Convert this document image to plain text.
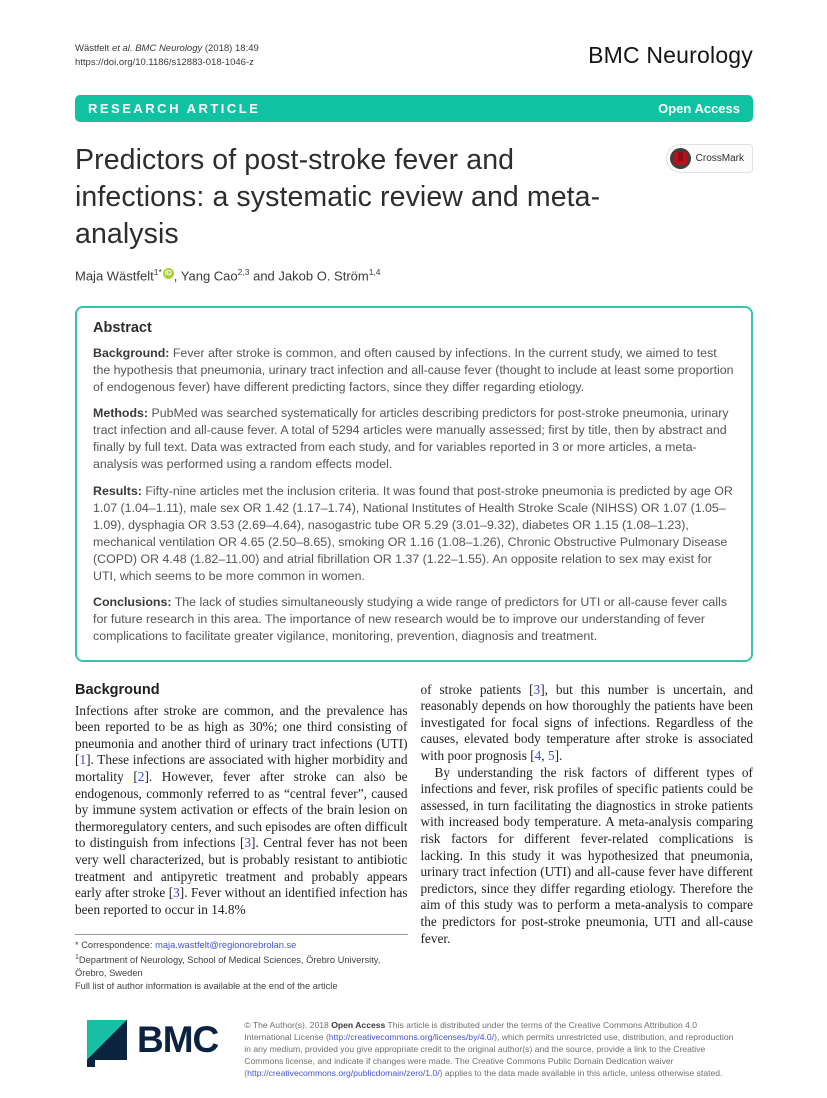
Wästfelt et al. BMC Neurology (2018) 18:49
https://doi.org/10.1186/s12883-018-1046-z	BMC Neurology
RESEARCH ARTICLE	Open Access
Predictors of post-stroke fever and infections: a systematic review and meta-analysis
CrossMark
Maja Wästfelt$^{1*}$ iD , Yang Cao$^{2,3}$ and Jakob O. Ström$^{1,4}$
Abstract

Background: Fever after stroke is common, and often caused by infections. In the current study, we aimed to test the hypothesis that pneumonia, urinary tract infection and all-cause fever (thought to include at least some proportion of endogenous fever) have different predicting factors, since they differ regarding etiology.

Methods: PubMed was searched systematically for articles describing predictors for post-stroke pneumonia, urinary tract infection and all-cause fever. A total of 5294 articles were manually assessed; first by title, then by abstract and finally by full text. Data was extracted from each study, and for variables reported in 3 or more articles, a meta-analysis was performed using a random effects model.

Results: Fifty-nine articles met the inclusion criteria. It was found that post-stroke pneumonia is predicted by age OR 1.07 (1.04–1.11), male sex OR 1.42 (1.17–1.74), National Institutes of Health Stroke Scale (NIHSS) OR 1.07 (1.05–1.09), dysphagia OR 3.53 (2.69–4.64), nasogastric tube OR 5.29 (3.01–9.32), diabetes OR 1.15 (1.08–1.23), mechanical ventilation OR 4.65 (2.50–8.65), smoking OR 1.16 (1.08–1.26), Chronic Obstructive Pulmonary Disease (COPD) OR 4.48 (1.82–11.00) and atrial fibrillation OR 1.37 (1.22–1.55). An opposite relation to sex may exist for UTI, which seems to be more common in women.

Conclusions: The lack of studies simultaneously studying a wide range of predictors for UTI or all-cause fever calls for future research in this area. The importance of new research would be to improve our understanding of fever complications to facilitate greater vigilance, monitoring, prevention, diagnosis and treatment.

Background

Infections after stroke are common, and the prevalence has been reported to be as high as 30%; one third consisting of pneumonia and another third of urinary tract infections (UTI) [1]. These infections are associated with higher morbidity and mortality [2]. However, fever after stroke can also be endogenous, commonly referred to as “central fever”, caused by immune system activation or effects of the brain lesion on thermoregulatory centers, and such episodes are often difficult to distinguish from infections [3]. Central fever has not been very well characterized, but is probably resistant to antibiotic treatment and antipyretic treatment and probably appears early after stroke [3]. Fever without an identified infection has been reported to occur in 14.8%

* Correspondence: maja.wastfelt@regionorebrolan.se
$^1$Department of Neurology, School of Medical Sciences, Örebro University, Örebro, Sweden
Full list of author information is available at the end of the article

of stroke patients [3], but this number is uncertain, and reasonably depends on how thoroughly the patients have been investigated for focal signs of infections. Regardless of the causes, elevated body temperature after stroke is associated with poor prognosis [4, 5].

By understanding the risk factors of different types of infections and fever, risk profiles of specific patients could be assessed, in turn facilitating the diagnostics in stroke patients with increased body temperature. A meta-analysis comparing risk factors for different fever-related complications is lacking. In this study it was hypothesized that pneumonia, urinary tract infection (UTI) and all-cause fever have different predictors, since they differ regarding etiology. Therefore the aim of this study was to perform a meta-analysis to compare the predictors for post-stroke pneumonia, UTI and all-cause fever.

BMC	© The Author(s). 2018 Open Access This article is distributed under the terms of the Creative Commons Attribution 4.0 International License (http://creativecommons.org/licenses/by/4.0/), which permits unrestricted use, distribution, and reproduction in any medium, provided you give appropriate credit to the original author(s) and the source, provide a link to the Creative Commons license, and indicate if changes were made. The Creative Commons Public Domain Dedication waiver (http://creativecommons.org/publicdomain/zero/1.0/) applies to the data made available in this article, unless otherwise stated.
